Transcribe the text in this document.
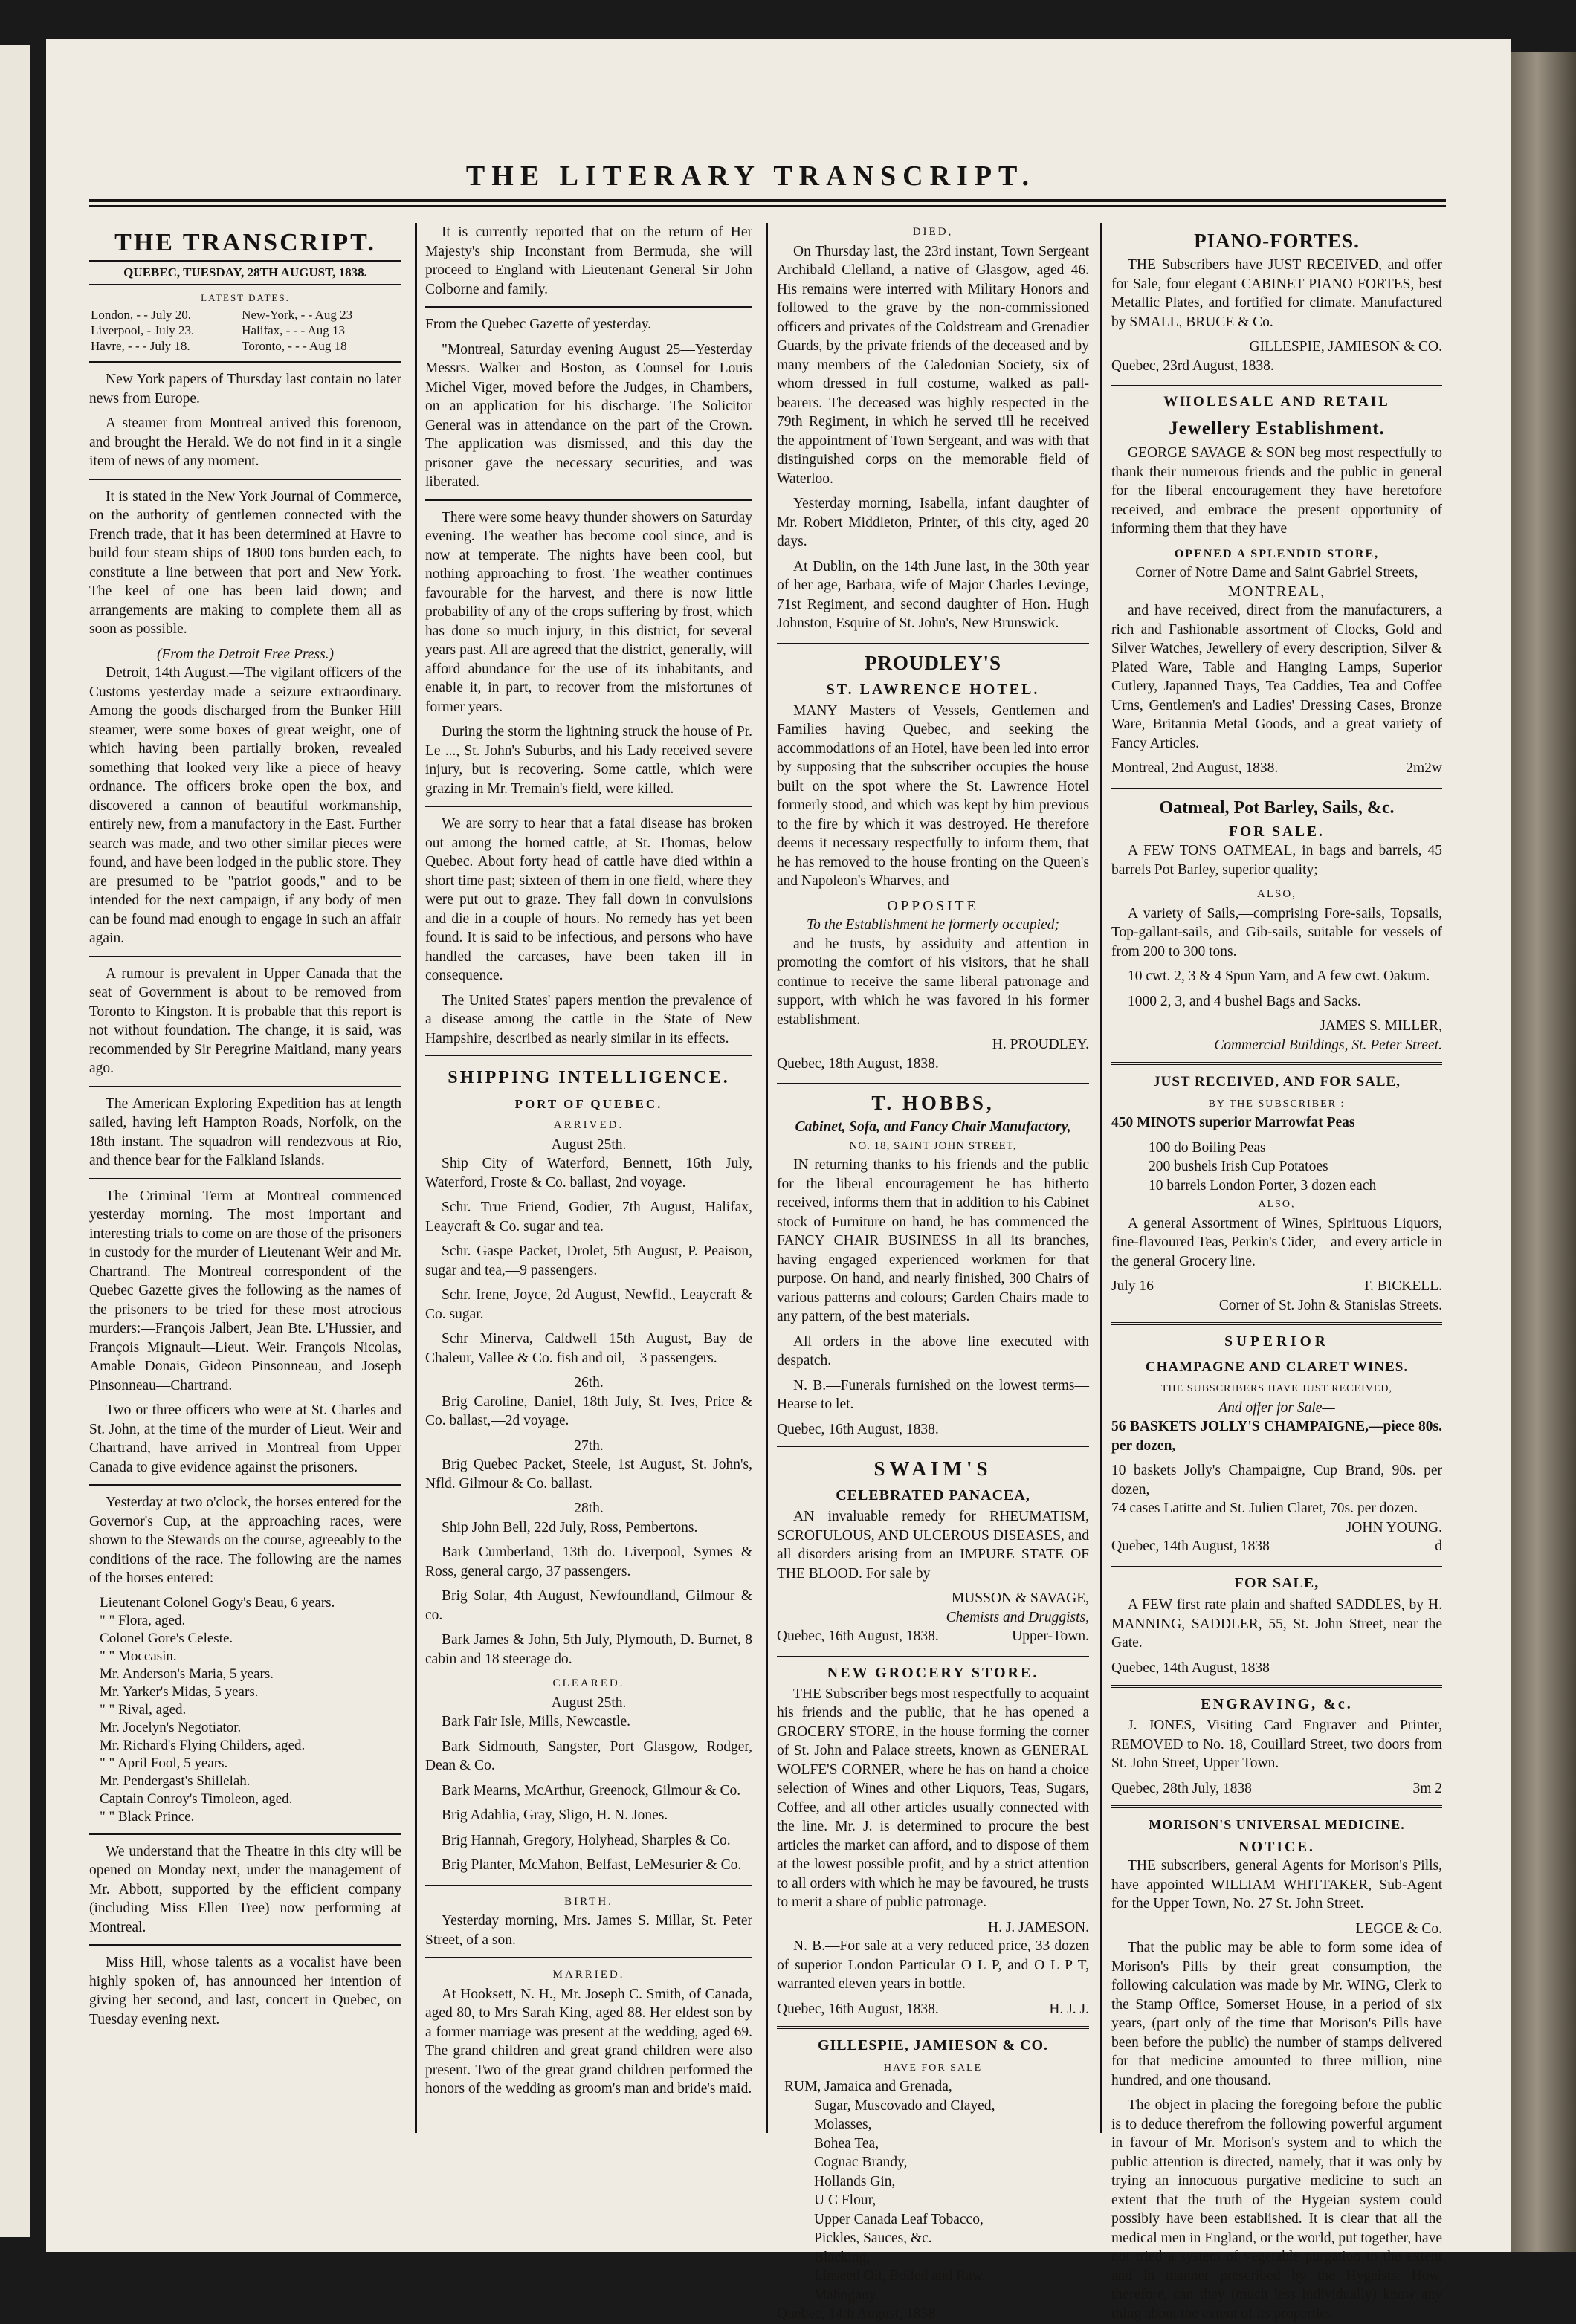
THE LITERARY TRANSCRIPT.
THE TRANSCRIPT.
QUEBEC, TUESDAY, 28TH AUGUST, 1838.
LATEST DATES.
London, - - July 20.	New-York, - - Aug 23
Liverpool, - July 23.	Halifax, - - - Aug 13
Havre, - - - July 18.	Toronto, - - - Aug 18

New York papers of Thursday last contain no later news from Europe.

A steamer from Montreal arrived this forenoon, and brought the Herald. We do not find in it a single item of news of any moment.

It is stated in the New York Journal of Commerce, on the authority of gentlemen connected with the French trade, that it has been determined at Havre to build four steam ships of 1800 tons burden each, to constitute a line between that port and New York. The keel of one has been laid down; and arrangements are making to complete them all as soon as possible.

(From the Detroit Free Press.)

Detroit, 14th August.—The vigilant officers of the Customs yesterday made a seizure extraordinary. Among the goods discharged from the Bunker Hill steamer, were some boxes of great weight, one of which having been partially broken, revealed something that looked very like a piece of heavy ordnance. The officers broke open the box, and discovered a cannon of beautiful workmanship, entirely new, from a manufactory in the East. Further search was made, and two other similar pieces were found, and have been lodged in the public store. They are presumed to be "patriot goods," and to be intended for the next campaign, if any body of men can be found mad enough to engage in such an affair again.

A rumour is prevalent in Upper Canada that the seat of Government is about to be removed from Toronto to Kingston. It is probable that this report is not without foundation. The change, it is said, was recommended by Sir Peregrine Maitland, many years ago.

The American Exploring Expedition has at length sailed, having left Hampton Roads, Norfolk, on the 18th instant. The squadron will rendezvous at Rio, and thence bear for the Falkland Islands.

The Criminal Term at Montreal commenced yesterday morning. The most important and interesting trials to come on are those of the prisoners in custody for the murder of Lieutenant Weir and Mr. Chartrand. The Montreal correspondent of the Quebec Gazette gives the following as the names of the prisoners to be tried for these most atrocious murders:—François Jalbert, Jean Bte. L'Hussier, and François Mignault—Lieut. Weir. François Nicolas, Amable Donais, Gideon Pinsonneau, and Joseph Pinsonneau—Chartrand.

Two or three officers who were at St. Charles and St. John, at the time of the murder of Lieut. Weir and Chartrand, have arrived in Montreal from Upper Canada to give evidence against the prisoners.

Yesterday at two o'clock, the horses entered for the Governor's Cup, at the approaching races, were shown to the Stewards on the course, agreeably to the conditions of the race. The following are the names of the horses entered:—

Lieutenant Colonel Gogy's Beau, 6 years.
" " Flora, aged.
Colonel Gore's Celeste.
" " Moccasin.
Mr. Anderson's Maria, 5 years.
Mr. Yarker's Midas, 5 years.
" " Rival, aged.
Mr. Jocelyn's Negotiator.
Mr. Richard's Flying Childers, aged.
" " April Fool, 5 years.
Mr. Pendergast's Shillelah.
Captain Conroy's Timoleon, aged.
" " Black Prince.

We understand that the Theatre in this city will be opened on Monday next, under the management of Mr. Abbott, supported by the efficient company (including Miss Ellen Tree) now performing at Montreal.

Miss Hill, whose talents as a vocalist have been highly spoken of, has announced her intention of giving her second, and last, concert in Quebec, on Tuesday evening next.

It is currently reported that on the return of Her Majesty's ship Inconstant from Bermuda, she will proceed to England with Lieutenant General Sir John Colborne and family.

From the Quebec Gazette of yesterday.

"Montreal, Saturday evening August 25—Yesterday Messrs. Walker and Boston, as Counsel for Louis Michel Viger, moved before the Judges, in Chambers, on an application for his discharge. The Solicitor General was in attendance on the part of the Crown. The application was dismissed, and this day the prisoner gave the necessary securities, and was liberated.

There were some heavy thunder showers on Saturday evening. The weather has become cool since, and is now at temperate. The nights have been cool, but nothing approaching to frost. The weather continues favourable for the harvest, and there is now little probability of any of the crops suffering by frost, which has done so much injury, in this district, for several years past. All are agreed that the district, generally, will afford abundance for the use of its inhabitants, and enable it, in part, to recover from the misfortunes of former years.

During the storm the lightning struck the house of Pr. Le ..., St. John's Suburbs, and his Lady received severe injury, but is recovering. Some cattle, which were grazing in Mr. Tremain's field, were killed.

We are sorry to hear that a fatal disease has broken out among the horned cattle, at St. Thomas, below Quebec. About forty head of cattle have died within a short time past; sixteen of them in one field, where they were put out to graze. They fall down in convulsions and die in a couple of hours. No remedy has yet been found. It is said to be infectious, and persons who have handled the carcases, have been taken ill in consequence.

The United States' papers mention the prevalence of a disease among the cattle in the State of New Hampshire, described as nearly similar in its effects.

SHIPPING INTELLIGENCE.
PORT OF QUEBEC.
ARRIVED.
August 25th.

Ship City of Waterford, Bennett, 16th July, Waterford, Froste & Co. ballast, 2nd voyage.

Schr. True Friend, Godier, 7th August, Halifax, Leaycraft & Co. sugar and tea.

Schr. Gaspe Packet, Drolet, 5th August, P. Peaison, sugar and tea,—9 passengers.

Schr. Irene, Joyce, 2d August, Newfld., Leaycraft & Co. sugar.

Schr Minerva, Caldwell 15th August, Bay de Chaleur, Vallee & Co. fish and oil,—3 passengers.

26th.

Brig Caroline, Daniel, 18th July, St. Ives, Price & Co. ballast,—2d voyage.

27th.

Brig Quebec Packet, Steele, 1st August, St. John's, Nfld. Gilmour & Co. ballast.

28th.

Ship John Bell, 22d July, Ross, Pembertons.

Bark Cumberland, 13th do. Liverpool, Symes & Ross, general cargo, 37 passengers.

Brig Solar, 4th August, Newfoundland, Gilmour & co.

Bark James & John, 5th July, Plymouth, D. Burnet, 8 cabin and 18 steerage do.

CLEARED.
August 25th.

Bark Fair Isle, Mills, Newcastle.

Bark Sidmouth, Sangster, Port Glasgow, Rodger, Dean & Co.

Bark Mearns, McArthur, Greenock, Gilmour & Co.

Brig Adahlia, Gray, Sligo, H. N. Jones.

Brig Hannah, Gregory, Holyhead, Sharples & Co.

Brig Planter, McMahon, Belfast, LeMesurier & Co.

BIRTH.

Yesterday morning, Mrs. James S. Millar, St. Peter Street, of a son.

MARRIED.

At Hooksett, N. H., Mr. Joseph C. Smith, of Canada, aged 80, to Mrs Sarah King, aged 88. Her eldest son by a former marriage was present at the wedding, aged 69. The grand children and great grand children were also present. Two of the great grand children performed the honors of the wedding as groom's man and bride's maid.

DIED,

On Thursday last, the 23rd instant, Town Sergeant Archibald Clelland, a native of Glasgow, aged 46. His remains were interred with Military Honors and followed to the grave by the non-commissioned officers and privates of the Coldstream and Grenadier Guards, by the private friends of the deceased and by many members of the Caledonian Society, six of whom dressed in full costume, walked as pall-bearers. The deceased was highly respected in the 79th Regiment, in which he served till he received the appointment of Town Sergeant, and was with that distinguished corps on the memorable field of Waterloo.

Yesterday morning, Isabella, infant daughter of Mr. Robert Middleton, Printer, of this city, aged 20 days.

At Dublin, on the 14th June last, in the 30th year of her age, Barbara, wife of Major Charles Levinge, 71st Regiment, and second daughter of Hon. Hugh Johnston, Esquire of St. John's, New Brunswick.

PROUDLEY'S
ST. LAWRENCE HOTEL.

MANY Masters of Vessels, Gentlemen and Families having Quebec, and seeking the accommodations of an Hotel, have been led into error by supposing that the subscriber occupies the house built on the spot where the St. Lawrence Hotel formerly stood, and which was kept by him previous to the fire by which it was destroyed. He therefore deems it necessary respectfully to inform them, that he has removed to the house fronting on the Queen's and Napoleon's Wharves, and

OPPOSITE
To the Establishment he formerly occupied;

and he trusts, by assiduity and attention in promoting the comfort of his visitors, that he shall continue to receive the same liberal patronage and support, with which he was favored in his former establishment.

H. PROUDLEY.
Quebec, 18th August, 1838.
T. HOBBS,
Cabinet, Sofa, and Fancy Chair Manufactory,
NO. 18, SAINT JOHN STREET,

IN returning thanks to his friends and the public for the liberal encouragement he has hitherto received, informs them that in addition to his Cabinet stock of Furniture on hand, he has commenced the FANCY CHAIR BUSINESS in all its branches, having engaged experienced workmen for that purpose. On hand, and nearly finished, 300 Chairs of various patterns and colours; Garden Chairs made to any pattern, of the best materials.

All orders in the above line executed with despatch.

N. B.—Funerals furnished on the lowest terms—Hearse to let.

Quebec, 16th August, 1838.
SWAIM'S
CELEBRATED PANACEA,

AN invaluable remedy for RHEUMATISM, SCROFULOUS, AND ULCEROUS DISEASES, and all disorders arising from an IMPURE STATE OF THE BLOOD. For sale by

MUSSON & SAVAGE,
Chemists and Druggists,
Quebec, 16th August, 1838.	Upper-Town.
NEW GROCERY STORE.

THE Subscriber begs most respectfully to acquaint his friends and the public, that he has opened a GROCERY STORE, in the house forming the corner of St. John and Palace streets, known as GENERAL WOLFE'S CORNER, where he has on hand a choice selection of Wines and other Liquors, Teas, Sugars, Coffee, and all other articles usually connected with the line. Mr. J. is determined to procure the best articles the market can afford, and to dispose of them at the lowest possible profit, and by a strict attention to all orders with which he may be favoured, he trusts to merit a share of public patronage.

H. J. JAMESON.

N. B.—For sale at a very reduced price, 33 dozen of superior London Particular O L P, and O L P T, warranted eleven years in bottle.

Quebec, 16th August, 1838.	H. J. J.
GILLESPIE, JAMIESON & CO.
HAVE FOR SALE
RUM, Jamaica and Grenada,
Sugar, Muscovado and Clayed,
Molasses,
Bohea Tea,
Cognac Brandy,
Hollands Gin,
U C Flour,
Upper Canada Leaf Tobacco,
Pickles, Sauces, &c.
Blacking,
Linseed Oil, Boiled and Raw,
Mahogany.
Quebec, 14th August, 1838.
PIANO-FORTES.

THE Subscribers have JUST RECEIVED, and offer for Sale, four elegant CABINET PIANO FORTES, best Metallic Plates, and fortified for climate. Manufactured by SMALL, BRUCE & Co.

GILLESPIE, JAMIESON & CO.
Quebec, 23rd August, 1838.
WHOLESALE AND RETAIL
Jewellery Establishment.

GEORGE SAVAGE & SON beg most respectfully to thank their numerous friends and the public in general for the liberal encouragement they have heretofore received, and embrace the present opportunity of informing them that they have

OPENED A SPLENDID STORE,
Corner of Notre Dame and Saint Gabriel Streets,
MONTREAL,

and have received, direct from the manufacturers, a rich and Fashionable assortment of Clocks, Gold and Silver Watches, Jewellery of every description, Silver & Plated Ware, Table and Hanging Lamps, Superior Cutlery, Japanned Trays, Tea Caddies, Tea and Coffee Urns, Gentlemen's and Ladies' Dressing Cases, Bronze Ware, Britannia Metal Goods, and a great variety of Fancy Articles.

Montreal, 2nd August, 1838.	2m2w
Oatmeal, Pot Barley, Sails, &c.
FOR SALE.

A FEW TONS OATMEAL, in bags and barrels, 45 barrels Pot Barley, superior quality;

ALSO,

A variety of Sails,—comprising Fore-sails, Topsails, Top-gallant-sails, and Gib-sails, suitable for vessels of from 200 to 300 tons.

10 cwt. 2, 3 & 4 Spun Yarn, and A few cwt. Oakum.

1000 2, 3, and 4 bushel Bags and Sacks.

JAMES S. MILLER,
Commercial Buildings, St. Peter Street.
JUST RECEIVED, AND FOR SALE,
BY THE SUBSCRIBER :

450 MINOTS superior Marrowfat Peas

100 do Boiling Peas
200 bushels Irish Cup Potatoes
10 barrels London Porter, 3 dozen each
ALSO,

A general Assortment of Wines, Spirituous Liquors, fine-flavoured Teas, Perkin's Cider,—and every article in the general Grocery line.

July 16	T. BICKELL.
Corner of St. John & Stanislas Streets.
SUPERIOR
CHAMPAGNE AND CLARET WINES.
THE SUBSCRIBERS HAVE JUST RECEIVED,
And offer for Sale—

56 BASKETS JOLLY'S CHAMPAIGNE,—piece 80s. per dozen,

10 baskets Jolly's Champaigne, Cup Brand, 90s. per dozen,
74 cases Latitte and St. Julien Claret, 70s. per dozen.
JOHN YOUNG.
Quebec, 14th August, 1838	d
FOR SALE,

A FEW first rate plain and shafted SADDLES, by H. MANNING, SADDLER, 55, St. John Street, near the Gate.

Quebec, 14th August, 1838
ENGRAVING, &c.

J. JONES, Visiting Card Engraver and Printer, REMOVED to No. 18, Couillard Street, two doors from St. John Street, Upper Town.

Quebec, 28th July, 1838	3m 2
MORISON'S UNIVERSAL MEDICINE.
NOTICE.

THE subscribers, general Agents for Morison's Pills, have appointed WILLIAM WHITTAKER, Sub-Agent for the Upper Town, No. 27 St. John Street.

LEGGE & Co.

That the public may be able to form some idea of Morison's Pills by their great consumption, the following calculation was made by Mr. WING, Clerk to the Stamp Office, Somerset House, in a period of six years, (part only of the time that Morison's Pills have been before the public) the number of stamps delivered for that medicine amounted to three million, nine hundred, and one thousand.

The object in placing the foregoing before the public is to deduce therefrom the following powerful argument in favour of Mr. Morison's system and to which the public attention is directed, namely, that it was only by trying an innocuous purgative medicine to such an extent that the truth of the Hygeian system could possibly have been established. It is clear that all the medical men in England, or the world, put together, have not tried a system of vegetable purgation to the extent and in manner prescribed by the Hygeists. How, therefore, can they (much less individually) know any thing about the extent of its properties.
